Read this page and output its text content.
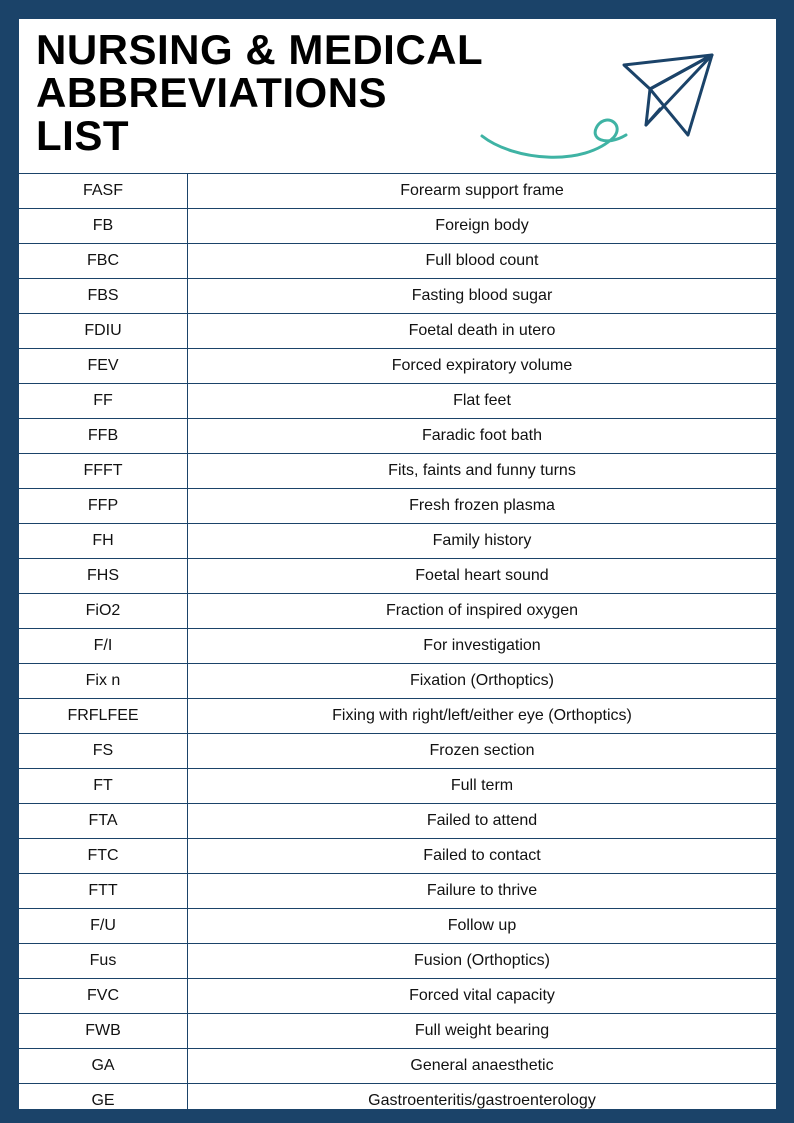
NURSING & MEDICAL
ABBREVIATIONS
LIST
FASF	Forearm support frame
FB	Foreign body
FBC	Full blood count
FBS	Fasting blood sugar
FDIU	Foetal death in utero
FEV	Forced expiratory volume
FF	Flat feet
FFB	Faradic foot bath
FFFT	Fits, faints and funny turns
FFP	Fresh frozen plasma
FH	Family history
FHS	Foetal heart sound
FiO2	Fraction of inspired oxygen
F/I	For investigation
Fix n	Fixation (Orthoptics)
FRFLFEE	Fixing with right/left/either eye (Orthoptics)
FS	Frozen section
FT	Full term
FTA	Failed to attend
FTC	Failed to contact
FTT	Failure to thrive
F/U	Follow up
Fus	Fusion (Orthoptics)
FVC	Forced vital capacity
FWB	Full weight bearing
GA	General anaesthetic
GE	Gastroenteritis/gastroenterology
